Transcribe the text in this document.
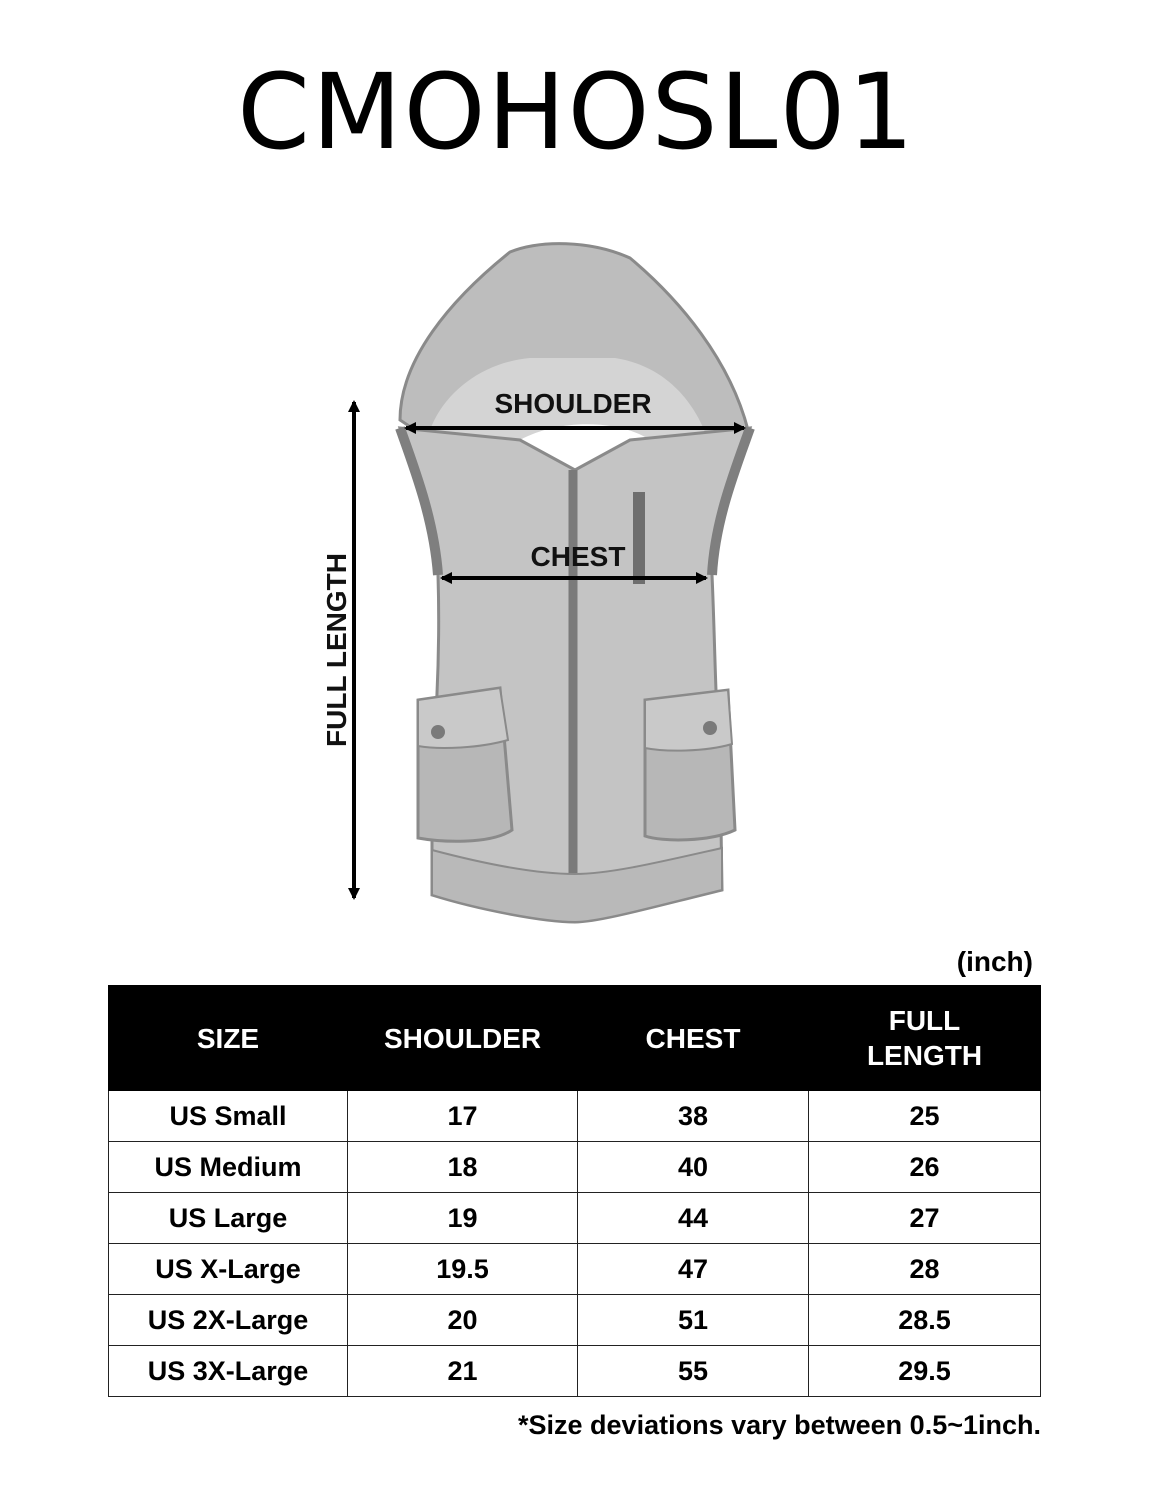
CMOHOSL01
SHOULDER
CHEST
FULL LENGTH
(inch)
SIZE	SHOULDER	CHEST	FULL
LENGTH
US Small	17	38	25
US Medium	18	40	26
US Large	19	44	27
US X-Large	19.5	47	28
US 2X-Large	20	51	28.5
US 3X-Large	21	55	29.5
*Size deviations vary between 0.5~1inch.
